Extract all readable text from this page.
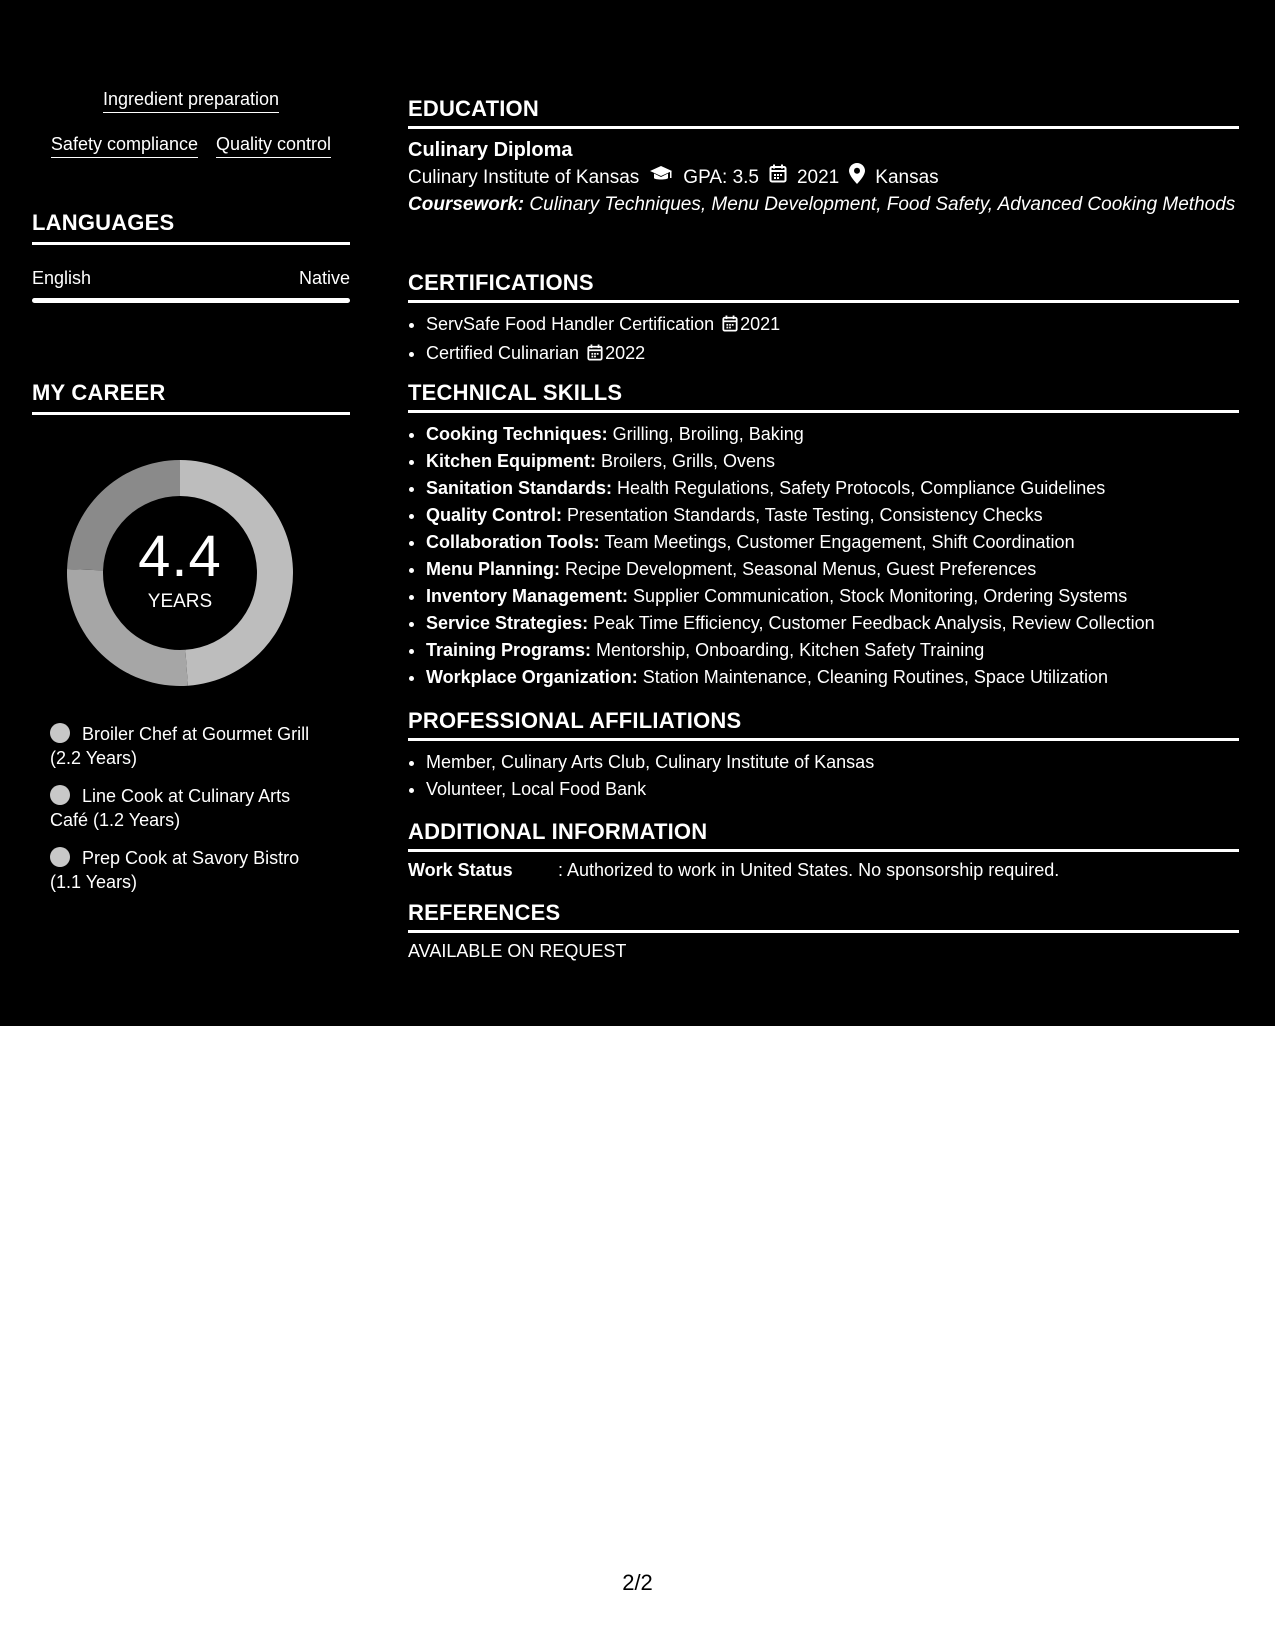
Ingredient preparation
Safety compliance Quality control
LANGUAGES
English	Native
MY CAREER
4.4
YEARS
Broiler Chef at Gourmet Grill (2.2 Years)
Line Cook at Culinary Arts Café (1.2 Years)
Prep Cook at Savory Bistro (1.1 Years)
EDUCATION
Culinary Diploma
Culinary Institute of Kansas GPA: 3.5 2021 Kansas
Coursework: Culinary Techniques, Menu Development, Food Safety, Advanced Cooking Methods
CERTIFICATIONS
• ServSafe Food Handler Certification 2021
• Certified Culinarian 2022
TECHNICAL SKILLS
• Cooking Techniques: Grilling, Broiling, Baking
• Kitchen Equipment: Broilers, Grills, Ovens
• Sanitation Standards: Health Regulations, Safety Protocols, Compliance Guidelines
• Quality Control: Presentation Standards, Taste Testing, Consistency Checks
• Collaboration Tools: Team Meetings, Customer Engagement, Shift Coordination
• Menu Planning: Recipe Development, Seasonal Menus, Guest Preferences
• Inventory Management: Supplier Communication, Stock Monitoring, Ordering Systems
• Service Strategies: Peak Time Efficiency, Customer Feedback Analysis, Review Collection
• Training Programs: Mentorship, Onboarding, Kitchen Safety Training
• Workplace Organization: Station Maintenance, Cleaning Routines, Space Utilization
PROFESSIONAL AFFILIATIONS
• Member, Culinary Arts Club, Culinary Institute of Kansas
• Volunteer, Local Food Bank
ADDITIONAL INFORMATION
Work Status	: Authorized to work in United States. No sponsorship required.
REFERENCES
AVAILABLE ON REQUEST
2/2
